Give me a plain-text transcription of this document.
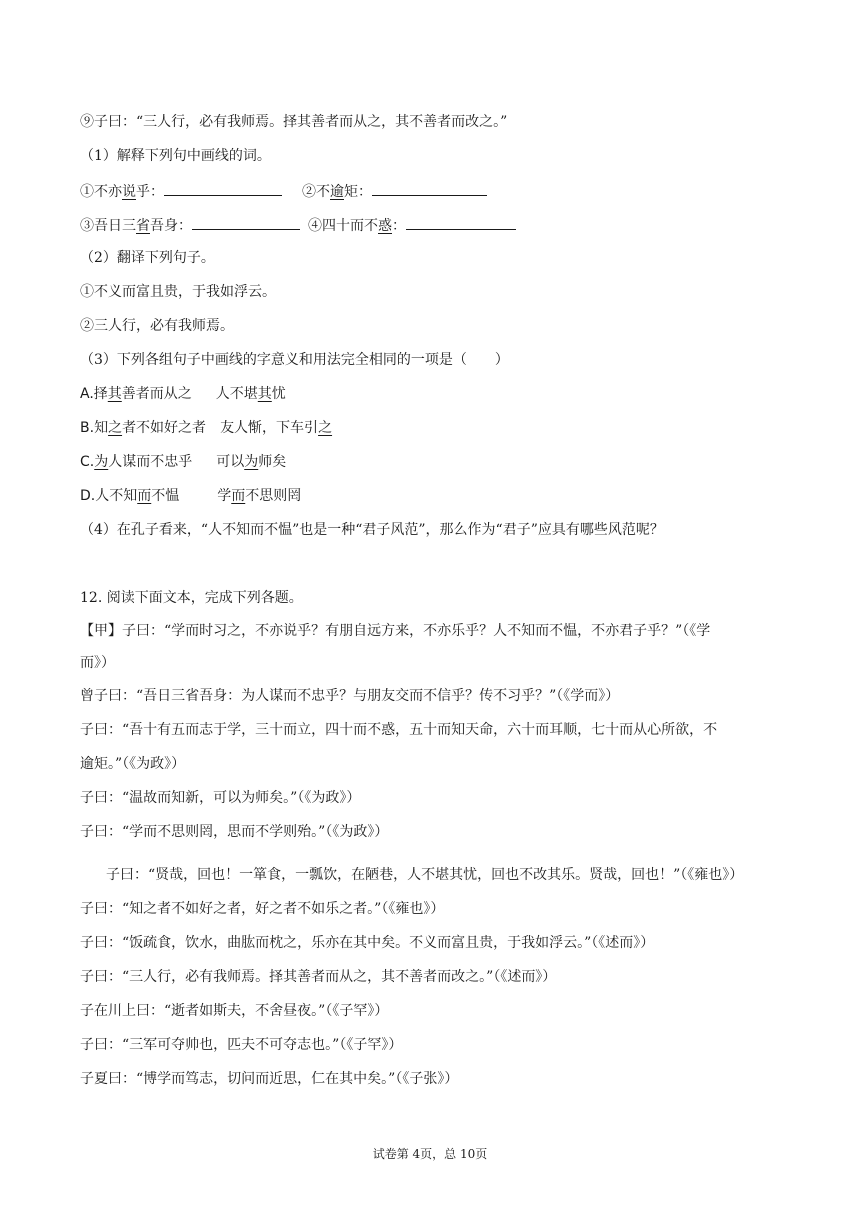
⑨子曰：“三人行，必有我师焉。择其善者而从之，其不善者而改之。”
（1）解释下列句中画线的词。
①不亦说乎：	②不逾矩：
③吾日三省吾身：	④四十而不惑：
（2）翻译下列句子。
①不义而富且贵，于我如浮云。
②三人行，必有我师焉。
（3）下列各组句子中画线的字意义和用法完全相同的一项是（　　）
A.择其善者而从之 人不堪其忧
B.知之者不如好之者 友人惭，下车引之
C.为人谋而不忠乎 可以为师矣
D.人不知而不愠	学而不思则罔
（4）在孔子看来，“人不知而不愠”也是一种“君子风范”，那么作为“君子”应具有哪些风范呢？
12. 阅读下面文本，完成下列各题。
【甲】子曰：“学而时习之，不亦说乎？有朋自远方来，不亦乐乎？人不知而不愠，不亦君子乎？”（《学
而》）
曾子曰：“吾日三省吾身：为人谋而不忠乎？与朋友交而不信乎？传不习乎？”（《学而》）
子曰：“吾十有五而志于学，三十而立，四十而不惑，五十而知天命，六十而耳顺，七十而从心所欲，不
逾矩。”（《为政》）
子曰：“温故而知新，可以为师矣。”（《为政》）
子曰：“学而不思则罔，思而不学则殆。”（《为政》）
子曰：“贤哉，回也！一箪食，一瓢饮，在陋巷，人不堪其忧，回也不改其乐。贤哉，回也！”（《雍也》）
子曰：“知之者不如好之者，好之者不如乐之者。”（《雍也》）
子曰：“饭疏食，饮水，曲肱而枕之，乐亦在其中矣。不义而富且贵，于我如浮云。”（《述而》）
子曰：“三人行，必有我师焉。择其善者而从之，其不善者而改之。”（《述而》）
子在川上曰：“逝者如斯夫，不舍昼夜。”（《子罕》）
子曰：“三军可夺帅也，匹夫不可夺志也。”（《子罕》）
子夏曰：“博学而笃志，切问而近思，仁在其中矣。”（《子张》）
试卷第 4页，总 10页
